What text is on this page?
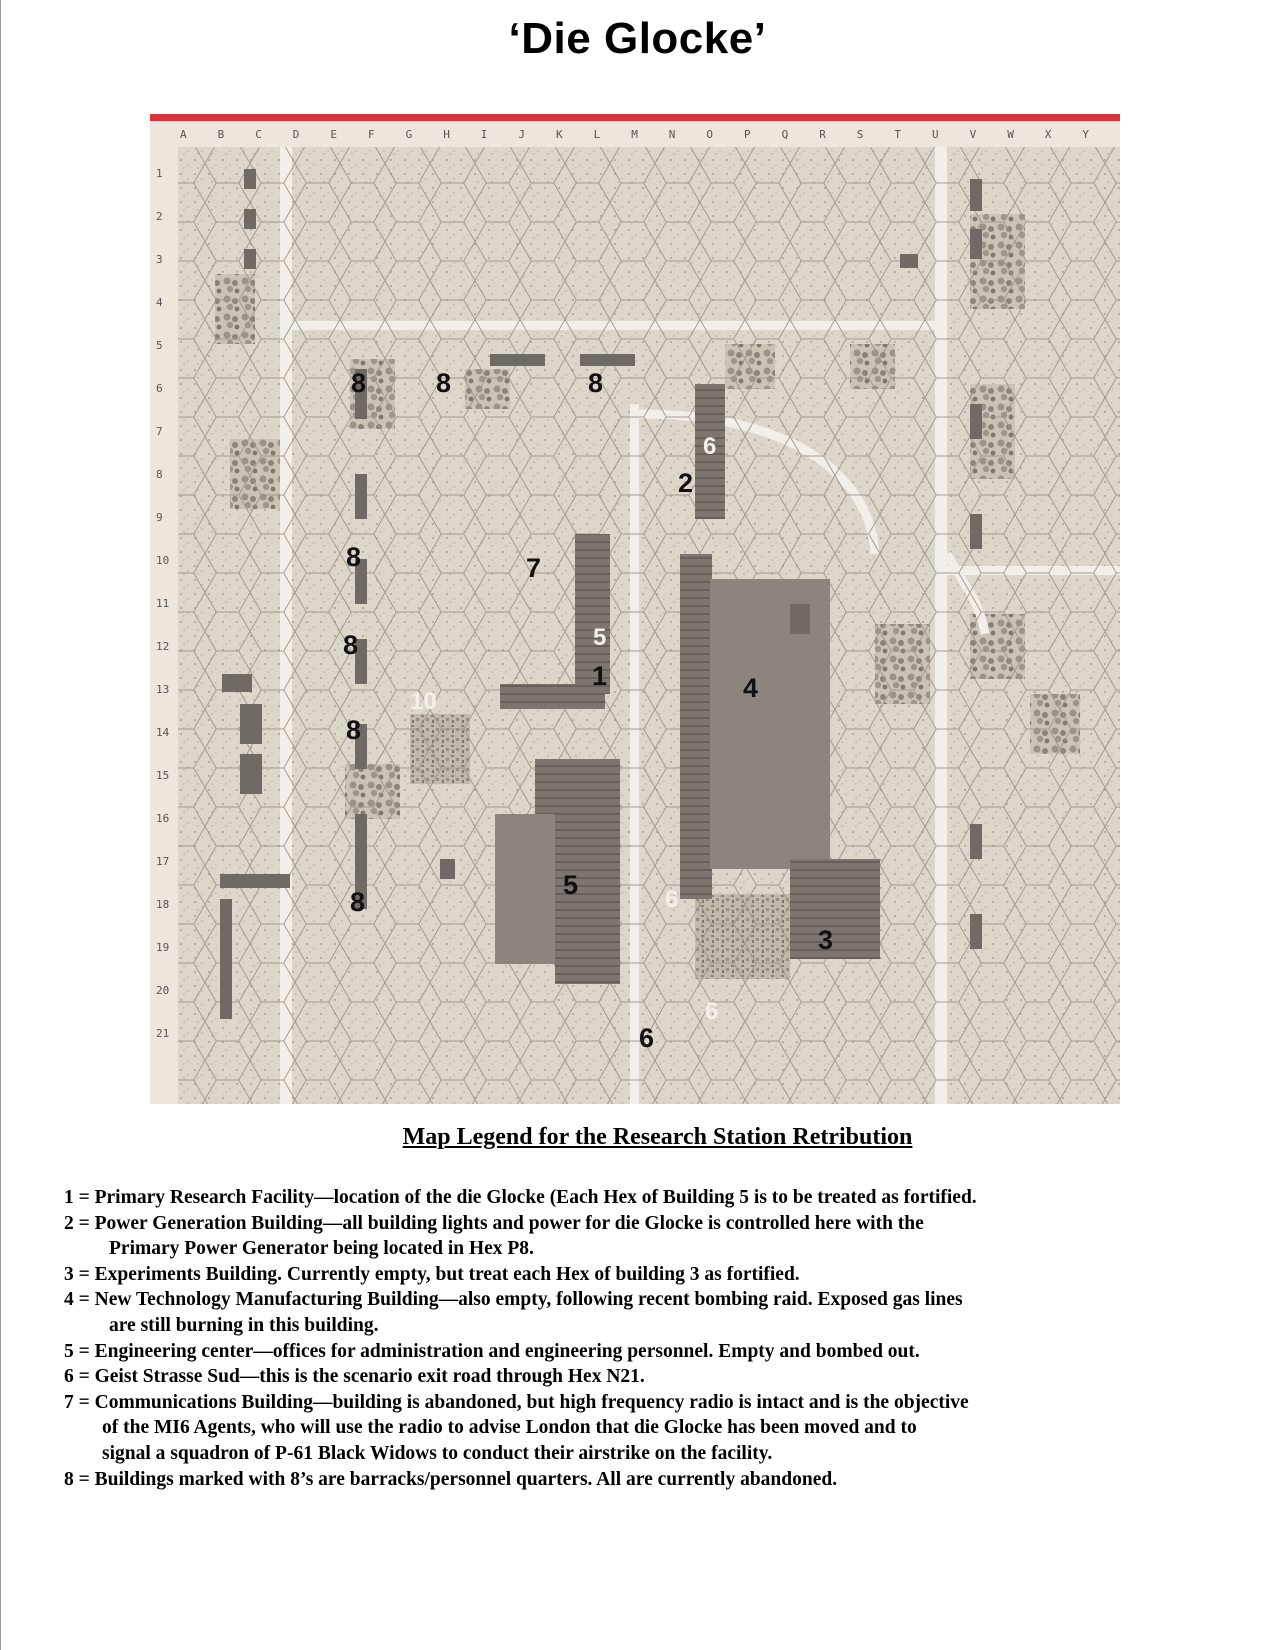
‘Die Glocke’
A	B	C	D	E	F	G	H	I	J	K	L	M	N	O	P	Q	R	S	T	U	V	W	X	Y
1
2
3
4
5
6
7
8
9
10
11
12
13
14
15
16
17
18
19
20
21
6
5
10
6
6
8	8	8
2
8	7
8
1	4
8
5
8
3
6
Map Legend for the Research Station Retribution
1 = Primary Research Facility—location of the die Glocke (Each Hex of Building 5 is to be treated as fortified.
2 = Power Generation Building—all building lights and power for die Glocke is controlled here with the
Primary Power Generator being located in Hex P8.
3 = Experiments Building. Currently empty, but treat each Hex of building 3 as fortified.
4 = New Technology Manufacturing Building—also empty, following recent bombing raid. Exposed gas lines
are still burning in this building.
5 = Engineering center—offices for administration and engineering personnel. Empty and bombed out.
6 = Geist Strasse Sud—this is the scenario exit road through Hex N21.
7 = Communications Building—building is abandoned, but high frequency radio is intact and is the objective
of the MI6 Agents, who will use the radio to advise London that die Glocke has been moved and to
signal a squadron of P-61 Black Widows to conduct their airstrike on the facility.
8 = Buildings marked with 8’s are barracks/personnel quarters. All are currently abandoned.
